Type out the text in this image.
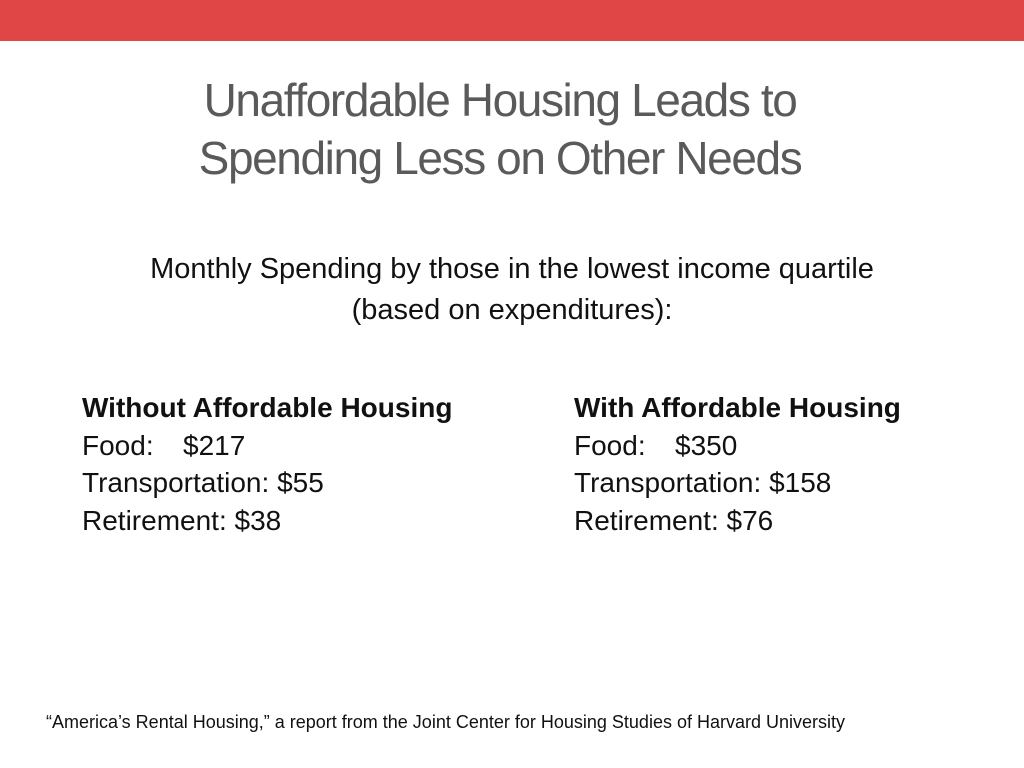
Unaffordable Housing Leads to
Spending Less on Other Needs
Monthly Spending by those in the lowest income quartile
(based on expenditures):
Without Affordable Housing
Food: $217
Transportation: $55
Retirement: $38
With Affordable Housing
Food: $350
Transportation: $158
Retirement: $76
“America’s Rental Housing,” a report from the Joint Center for Housing Studies of Harvard University
